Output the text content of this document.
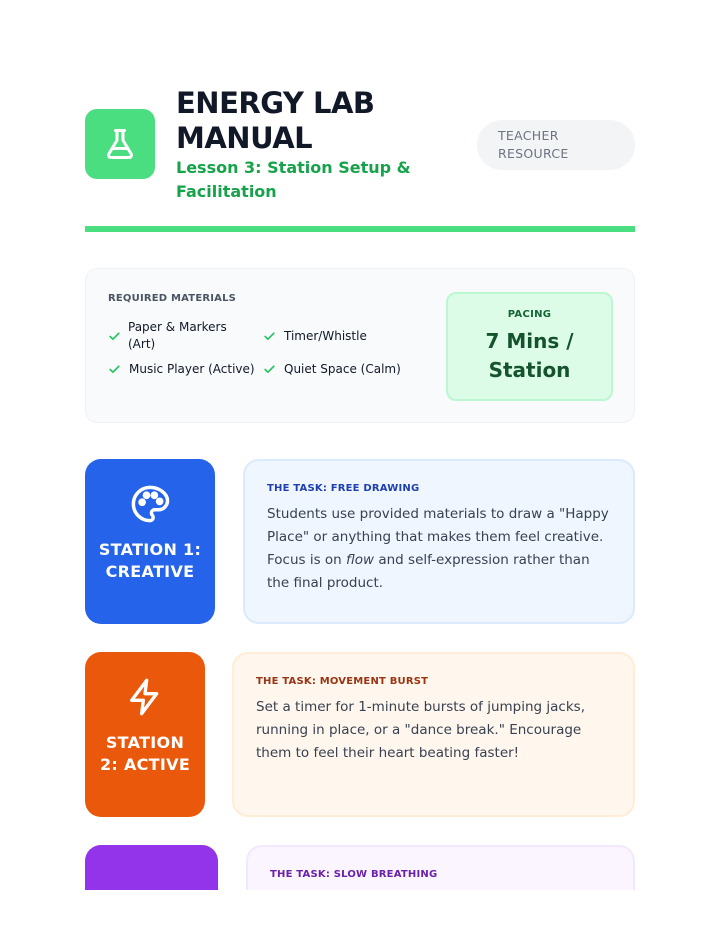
ENERGY LAB
MANUAL
Lesson 3: Station Setup & Facilitation
TEACHER
RESOURCE
REQUIRED MATERIALS
Paper & Markers (Art)
Timer/Whistle
Music Player (Active) Quiet Space (Calm)
PACING
7 Mins / Station
STATION 1: CREATIVE
THE TASK: FREE DRAWING
Students use provided materials to draw a "Happy Place" or anything that makes them feel creative. Focus is on flow and self-expression rather than the final product.
STATION 2: ACTIVE
THE TASK: MOVEMENT BURST
Set a timer for 1-minute bursts of jumping jacks, running in place, or a "dance break." Encourage them to feel their heart beating faster!
THE TASK: SLOW BREATHING
